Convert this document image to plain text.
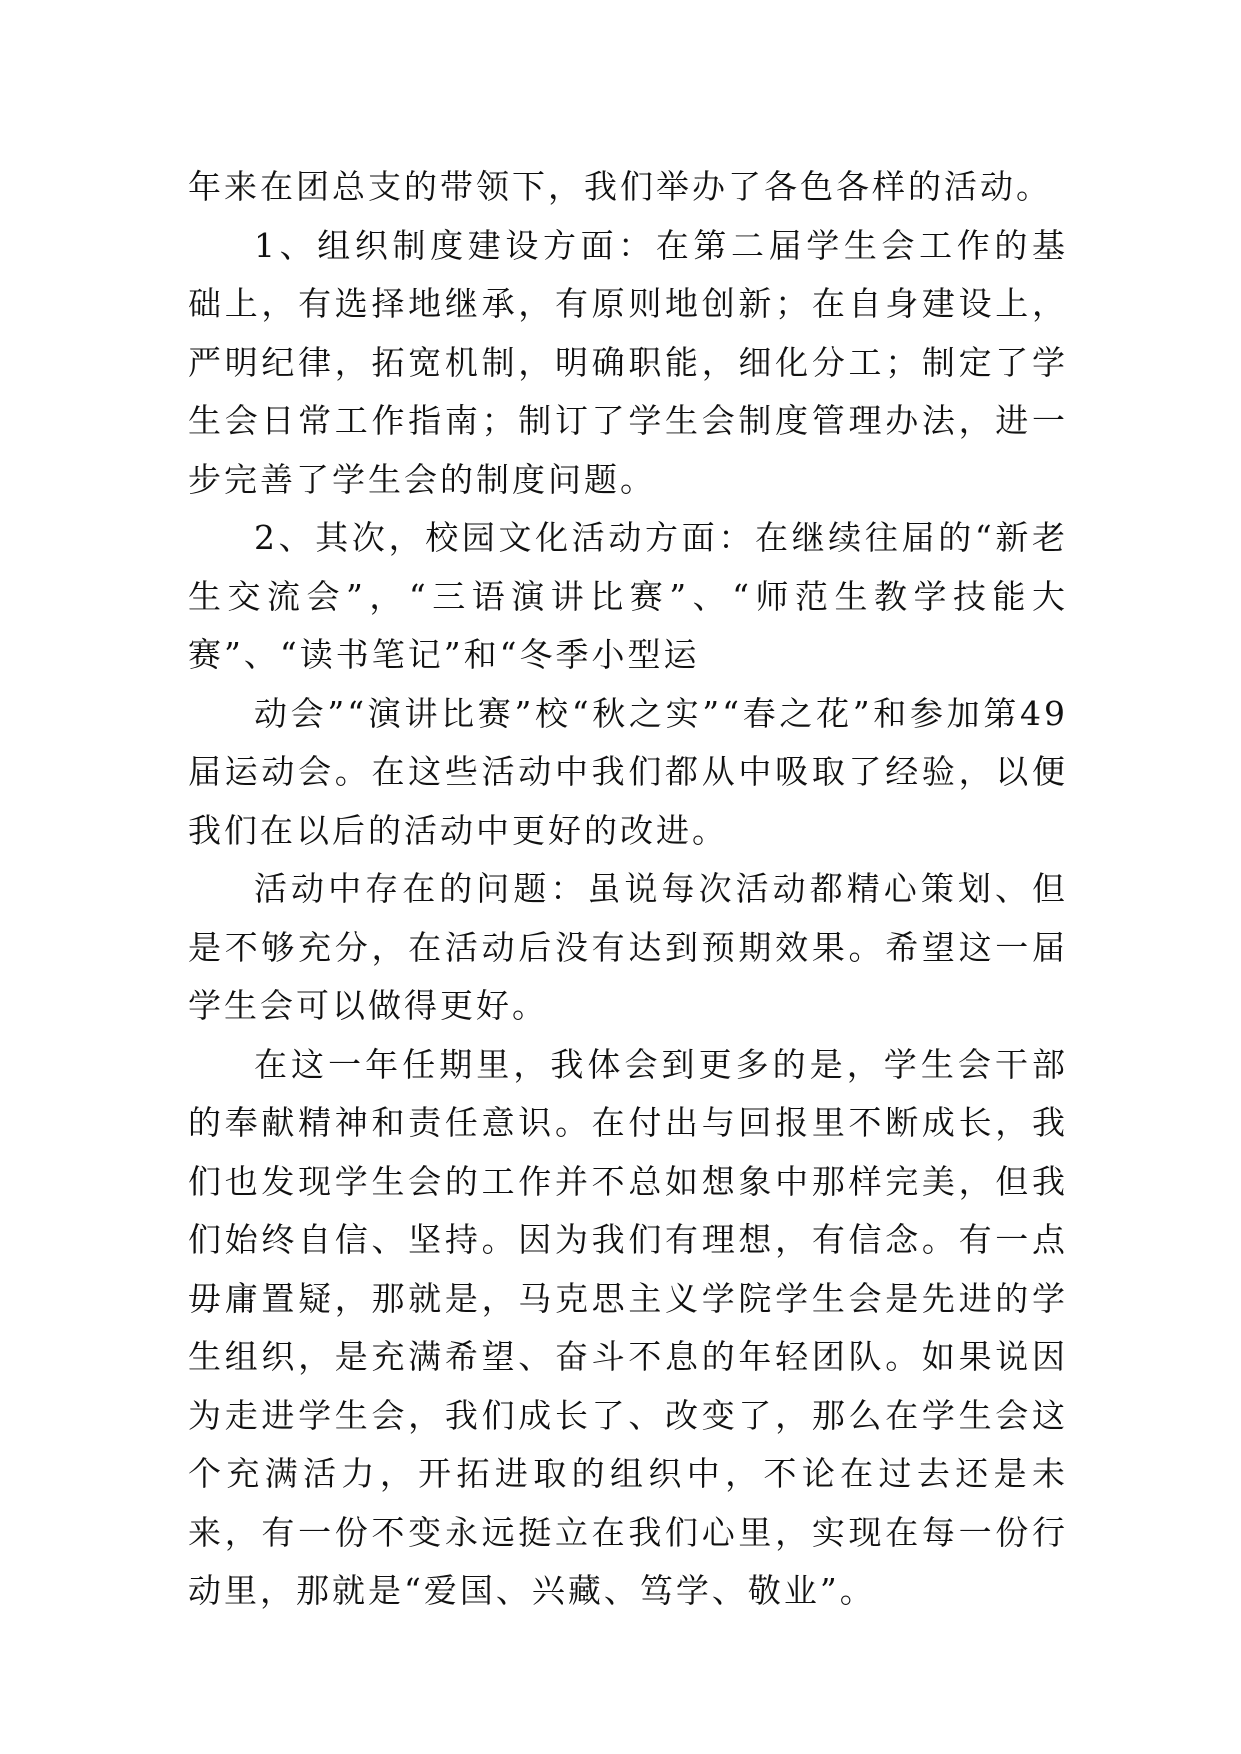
年来在团总支的带领下，我们举办了各色各样的活动。

1、组织制度建设方面：在第二届学生会工作的基础上，有选择地继承，有原则地创新；在自身建设上，严明纪律，拓宽机制，明确职能，细化分工；制定了学生会日常工作指南；制订了学生会制度管理办法，进一步完善了学生会的制度问题。

2、其次，校园文化活动方面：在继续往届的“新老生交流会”，“三语演讲比赛”、“师范生教学技能大赛”、“读书笔记”和“冬季小型运

动会”“演讲比赛”校“秋之实”“春之花”和参加第49届运动会。在这些活动中我们都从中吸取了经验，以便我们在以后的活动中更好的改进。

活动中存在的问题：虽说每次活动都精心策划、但是不够充分，在活动后没有达到预期效果。希望这一届学生会可以做得更好。

在这一年任期里，我体会到更多的是，学生会干部的奉献精神和责任意识。在付出与回报里不断成长，我们也发现学生会的工作并不总如想象中那样完美，但我们始终自信、坚持。因为我们有理想，有信念。有一点毋庸置疑，那就是，马克思主义学院学生会是先进的学生组织，是充满希望、奋斗不息的年轻团队。如果说因为走进学生会，我们成长了、改变了，那么在学生会这个充满活力，开拓进取的组织中，不论在过去还是未来，有一份不变永远挺立在我们心里，实现在每一份行动里，那就是“爱国、兴藏、笃学、敬业”。
